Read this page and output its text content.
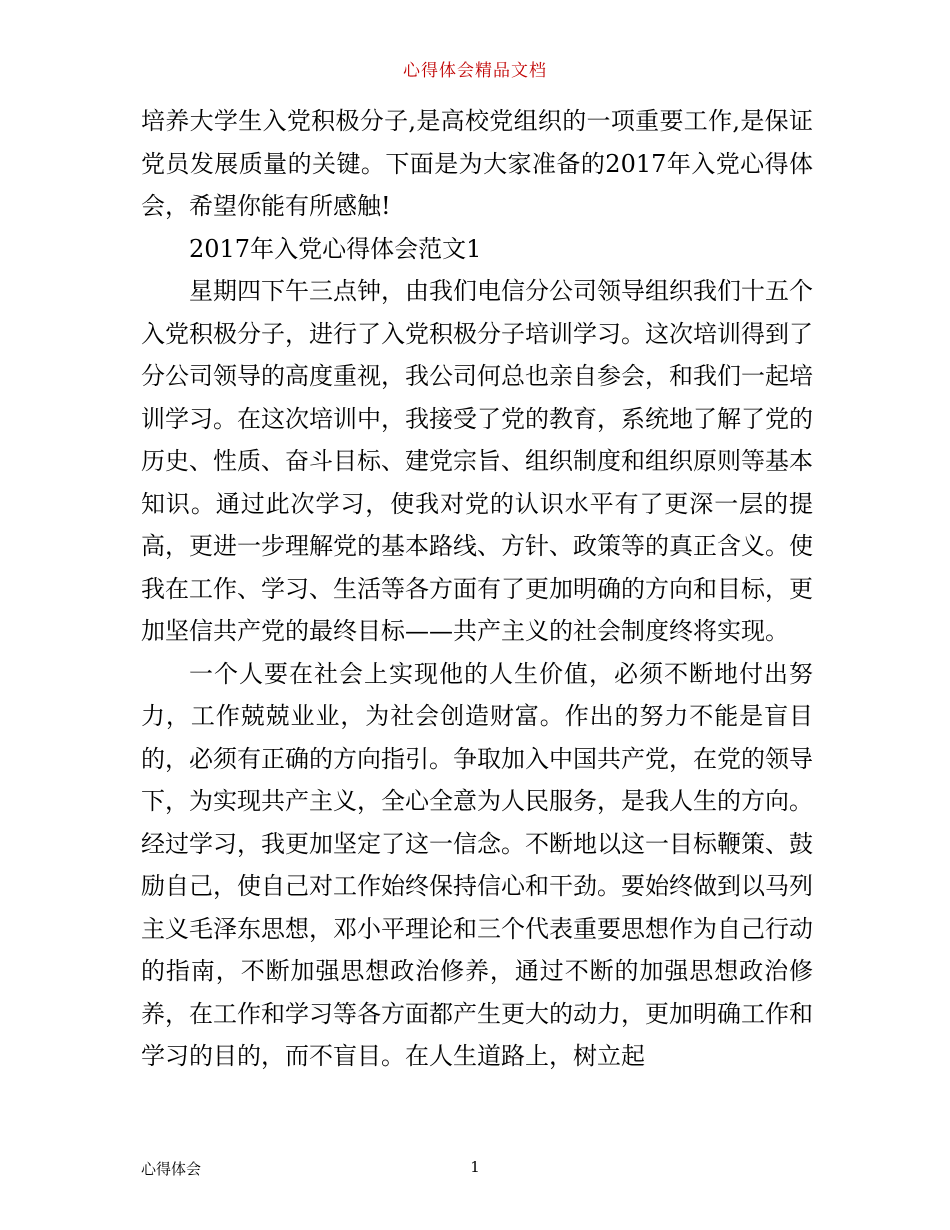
心得体会精品文档

培养大学生入党积极分子,是高校党组织的一项重要工作,是保证党员发展质量的关键。下面是为大家准备的2017年入党心得体会，希望你能有所感触!

2017年入党心得体会范文1

星期四下午三点钟，由我们电信分公司领导组织我们十五个入党积极分子，进行了入党积极分子培训学习。这次培训得到了分公司领导的高度重视，我公司何总也亲自参会，和我们一起培训学习。在这次培训中，我接受了党的教育，系统地了解了党的历史、性质、奋斗目标、建党宗旨、组织制度和组织原则等基本知识。通过此次学习，使我对党的认识水平有了更深一层的提高，更进一步理解党的基本路线、方针、政策等的真正含义。使我在工作、学习、生活等各方面有了更加明确的方向和目标，更加坚信共产党的最终目标——共产主义的社会制度终将实现。

一个人要在社会上实现他的人生价值，必须不断地付出努力，工作兢兢业业，为社会创造财富。作出的努力不能是盲目的，必须有正确的方向指引。争取加入中国共产党，在党的领导下，为实现共产主义，全心全意为人民服务，是我人生的方向。经过学习，我更加坚定了这一信念。不断地以这一目标鞭策、鼓励自己，使自己对工作始终保持信心和干劲。要始终做到以马列主义毛泽东思想，邓小平理论和三个代表重要思想作为自己行动的指南，不断加强思想政治修养，通过不断的加强思想政治修养，在工作和学习等各方面都产生更大的动力，更加明确工作和学习的目的，而不盲目。在人生道路上，树立起

心得体会	1
